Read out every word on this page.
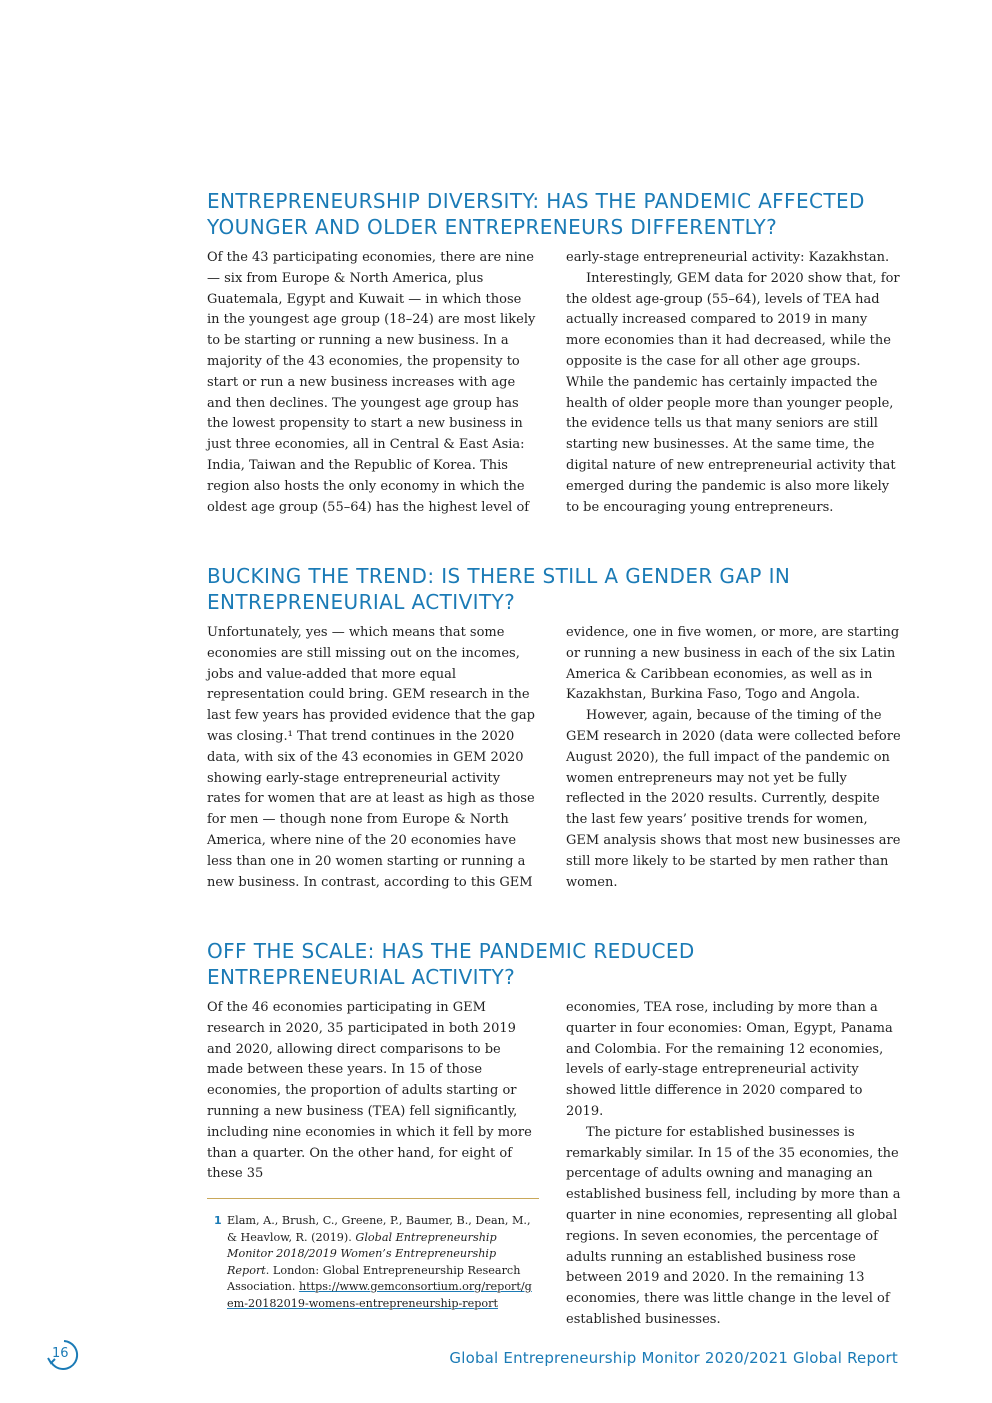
ENTREPRENEURSHIP DIVERSITY: HAS THE PANDEMIC AFFECTED YOUNGER AND OLDER ENTREPRENEURS DIFFERENTLY?

Of the 43 participating economies, there are nine — six from Europe & North America, plus Guatemala, Egypt and Kuwait — in which those in the youngest age group (18–24) are most likely to be starting or running a new business. In a majority of the 43 economies, the propensity to start or run a new business increases with age and then declines. The youngest age group has the lowest propensity to start a new business in just three economies, all in Central & East Asia: India, Taiwan and the Republic of Korea. This region also hosts the only economy in which the oldest age group (55–64) has the highest level of

early-stage entrepreneurial activity: Kazakhstan.

Interestingly, GEM data for 2020 show that, for the oldest age-group (55–64), levels of TEA had actually increased compared to 2019 in many more economies than it had decreased, while the opposite is the case for all other age groups. While the pandemic has certainly impacted the health of older people more than younger people, the evidence tells us that many seniors are still starting new businesses. At the same time, the digital nature of new entrepreneurial activity that emerged during the pandemic is also more likely to be encouraging young entrepreneurs.

BUCKING THE TREND: IS THERE STILL A GENDER GAP IN ENTREPRENEURIAL ACTIVITY?

Unfortunately, yes — which means that some economies are still missing out on the incomes, jobs and value-added that more equal representation could bring. GEM research in the last few years has provided evidence that the gap was closing.¹ That trend continues in the 2020 data, with six of the 43 economies in GEM 2020 showing early-stage entrepreneurial activity rates for women that are at least as high as those for men — though none from Europe & North America, where nine of the 20 economies have less than one in 20 women starting or running a new business. In contrast, according to this GEM

evidence, one in five women, or more, are starting or running a new business in each of the six Latin America & Caribbean economies, as well as in Kazakhstan, Burkina Faso, Togo and Angola.

However, again, because of the timing of the GEM research in 2020 (data were collected before August 2020), the full impact of the pandemic on women entrepreneurs may not yet be fully reflected in the 2020 results. Currently, despite the last few years’ positive trends for women, GEM analysis shows that most new businesses are still more likely to be started by men rather than women.

OFF THE SCALE: HAS THE PANDEMIC REDUCED ENTREPRENEURIAL ACTIVITY?

Of the 46 economies participating in GEM research in 2020, 35 participated in both 2019 and 2020, allowing direct comparisons to be made between these years. In 15 of those economies, the proportion of adults starting or running a new business (TEA) fell significantly, including nine economies in which it fell by more than a quarter. On the other hand, for eight of these 35

economies, TEA rose, including by more than a quarter in four economies: Oman, Egypt, Panama and Colombia. For the remaining 12 economies, levels of early-stage entrepreneurial activity showed little difference in 2020 compared to 2019.

The picture for established businesses is remarkably similar. In 15 of the 35 economies, the percentage of adults owning and managing an established business fell, including by more than a quarter in nine economies, representing all global regions. In seven economies, the percentage of adults running an established business rose between 2019 and 2020. In the remaining 13 economies, there was little change in the level of established businesses.

1 Elam, A., Brush, C., Greene, P., Baumer, B., Dean, M., & Heavlow, R. (2019). Global Entrepreneurship Monitor 2018/2019 Women’s Entrepreneurship Report. London: Global Entrepreneurship Research Association. https://www.gemconsortium.org/report/gem-20182019-womens-entrepreneurship-report
16	Global Entrepreneurship Monitor 2020/2021 Global Report
